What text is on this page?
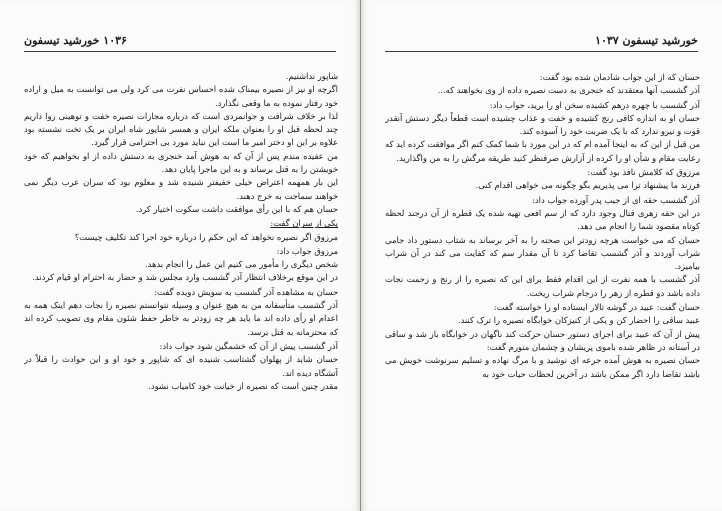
۱۰۳۶ خورشید تیسفون

شاپور نداشتیم.

اگرچه او نیز از نصیره بیمناک شده احساس نفرت می کرد ولی می توانست به میل و اراده خود رفتار نموده به ما وقعی نگذارد.

لذا بر خلاف شرافت و جوانمردی است که درباره مجازات نصیره خفت و توهینی روا داریم چند لحظه قبل او را بعنوان ملکه ایران و همسر شاپور شاه ایران بر یک تخت نشسته بود علاوه بر این او دختر امیر ما است این نباید مورد بی احترامی قرار گیرد.

من عقیده مندم پس از آن که به هوش آمد خنجری به دستش داده از او بخواهیم که خود خویشتن را به قتل برساند و به این ماجرا پایان دهد.

این بار همهمه اعتراض خیلی خفیفتر شنیده شد و معلوم بود که سران عرب دیگر نمی خواهند سماجت به خرج دهند.

حسان هم که با این رأی موافقت داشت سکوت اختیار کرد.

یکی از سران گفت:

مرزوق اگر نصیره نخواهد که این حکم را درباره خود اجرا کند تکلیف چیست؟

مرزوق جواب داد:

شخص دیگری را مأمور می کنیم این عمل را انجام بدهد.

در این موقع برخلاف انتظار آذر گشسب وارد مجلس شد و حضار به احترام او قیام کردند.

حسان به مشاهده آذر گشسب به سویش دویده گفت:

آذر گشسب متأسفانه من به هیچ عنوان و وسیله نتوانستم نصیره را نجات دهم اینک همه به اعدام او رأی داده اند ما باید هر چه زودتر به خاطر حفظ شئون مقام وی تصویب کرده اند که محترمانه به قتل برسد.

آذر گشسب پیش از آن که خشمگین شود جواب داد:

حسان شاید از پهلوان گشتاسب شنیده ای که شاپور و خود او و این حوادث را قبلاً در آتشگاه دیده اند.

مقدر چنین است که نصیره از خیانت خود کامیاب نشود.

خورشید تیسفون ۱۰۳۷

حسان که از این جواب شادمان شده بود گفت:

آذر گشسب آنها معتقدند که خنجری به دست نصیره داده از وی بخواهند که...

آذر گشسب با چهره درهم کشیده سخن او را برید، جواب داد:

حسان او به اندازه کافی رنج کشیده و خفت و عذاب چشیده است قطعاً دیگر دستش آنقدر قوت و نیرو ندارد که با یک ضربت خود را آسوده کند.

من قبل از این که به اینجا آمده ام که در این مورد با شما کمک کنم اگر موافقت کرده اید که رعایت مقام و شأن او را کرده از آزارش صرفنظر کنید طریقه مرگش را به من واگذارید.

مرزوق که کلامش نافذ بود گفت:

فرزند ما پیشنهاد ترا می پذیریم بگو چگونه می خواهی اقدام کنی.

آذر گشسب حقه ای از جیب پدر آورده جواب داد:

در این حقه زهری قتال وجود دارد که از سم افعی تهیه شده یک قطره از آن درجند لحظه کوتاه مقصود شما را انجام می دهد.

حسان که می خواست هرچه زودتر این صحنه را به آخر برساند به شتاب دستور داد جامی شراب آوردند و آذر گشسب تقاضا کرد تا آن مقدار سم که کفایت می کند در آن شراب بیامیزد.

آذر گشسب با همه نفرت از این اقدام فقط برای این که نصیره را از رنج و زحمت نجات داده باشد دو قطره از زهر را درجام شراب ریخت.

حسان گفت: عبید در گوشه تالار ایستاده او را خواسته گفت:

عبید ساقی را احضار کن و یکی از کنیزکان خوابگاه نصیره را ترک کنند.

پیش از آن که عبید برای اجرای دستور حسان حرکت کند ناگهان در خوابگاه باز شد و ساقی در آستانه در ظاهر شده باموی پریشان و چشمان متورم گفت:

حسان نصیره به هوش آمده جرعه ای نوشید و با مرگ نهاده و تسلیم سرنوشت خویش می باشد تقاضا دارد اگر ممکن باشد در آخرین لحظات حیات خود به
